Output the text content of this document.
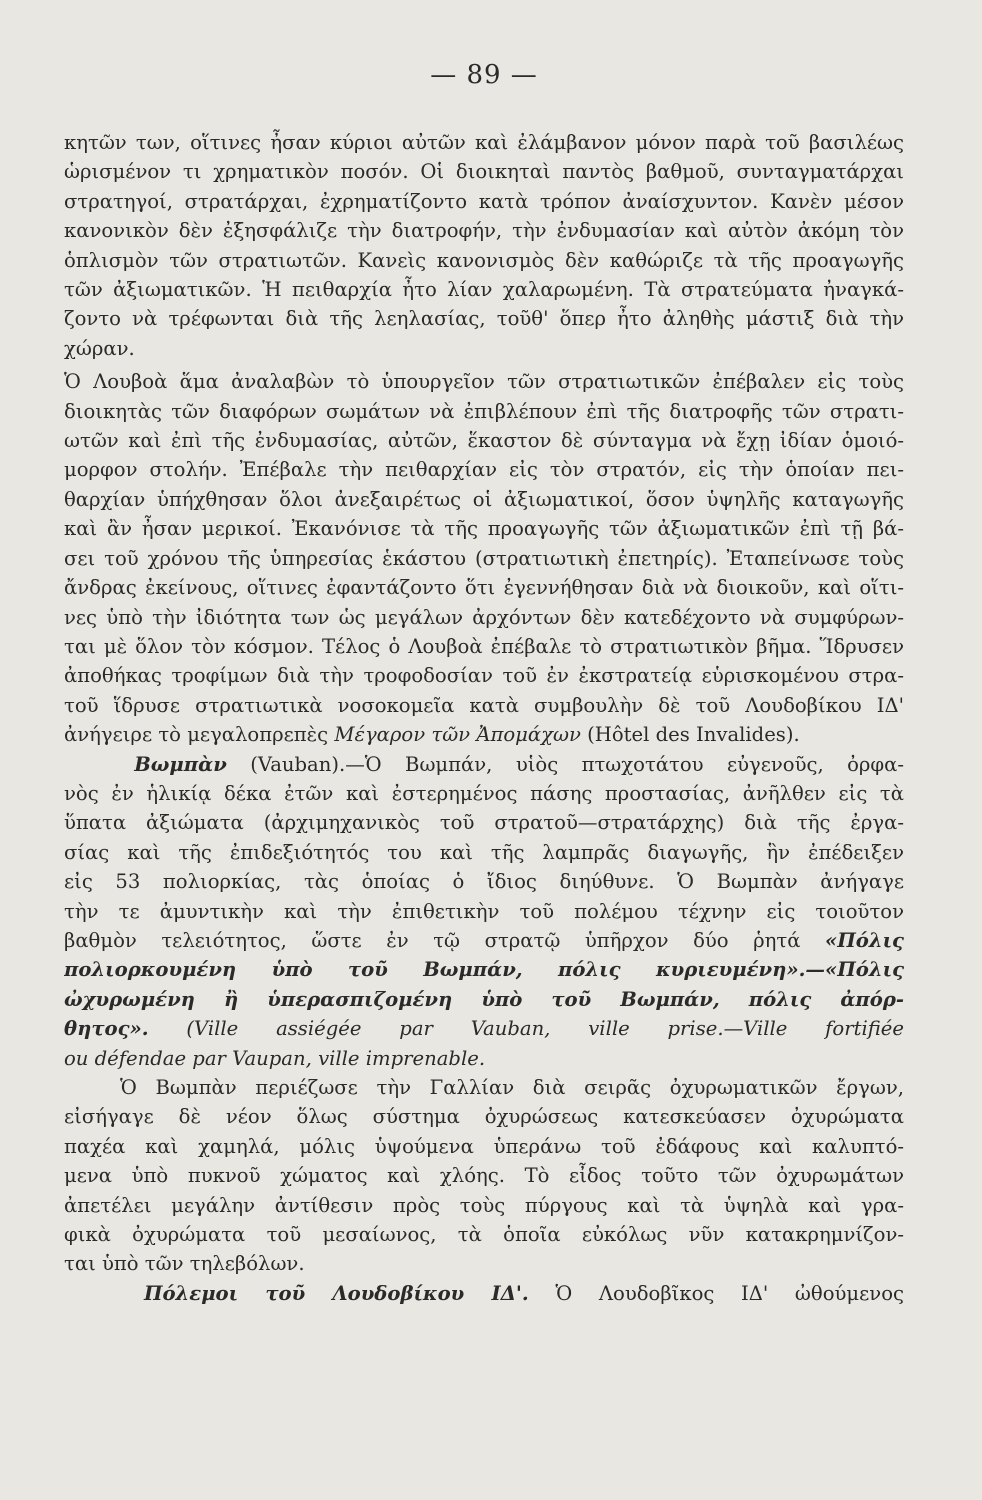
— 89 —
κητῶν των, οἵτινες ἦσαν κύριοι αὐτῶν καὶ ἐλάμβανον μόνον παρὰ τοῦ βασιλέως
ὡρισμένον τι χρηματικὸν ποσόν. Οἱ διοικηταὶ παντὸς βαθμοῦ, συνταγματάρχαι
στρατηγοί, στρατάρχαι, ἐχρηματίζοντο κατὰ τρόπον ἀναίσχυντον. Κανὲν μέσον
κανονικὸν δὲν ἐξησφάλιζε τὴν διατροφήν, τὴν ἐνδυμασίαν καὶ αὐτὸν ἀκόμη τὸν
ὁπλισμὸν τῶν στρατιωτῶν. Κανεὶς κανονισμὸς δὲν καθώριζε τὰ τῆς προαγωγῆς
τῶν ἀξιωματικῶν. Ἡ πειθαρχία ἦτο λίαν χαλαρωμένη. Τὰ στρατεύματα ἠναγκά-
ζοντο νὰ τρέφωνται διὰ τῆς λεηλασίας, τοῦθ' ὅπερ ἦτο ἀληθὴς μάστιξ διὰ τὴν
χώραν.
Ὁ Λουβοὰ ἅμα ἀναλαβὼν τὸ ὑπουργεῖον τῶν στρατιωτικῶν ἐπέβαλεν εἰς τοὺς
διοικητὰς τῶν διαφόρων σωμάτων νὰ ἐπιβλέπουν ἐπὶ τῆς διατροφῆς τῶν στρατι-
ωτῶν καὶ ἐπὶ τῆς ἐνδυμασίας, αὐτῶν, ἕκαστον δὲ σύνταγμα νὰ ἔχῃ ἰδίαν ὁμοιό-
μορφον στολήν. Ἐπέβαλε τὴν πειθαρχίαν εἰς τὸν στρατόν, εἰς τὴν ὁποίαν πει-
θαρχίαν ὑπήχθησαν ὅλοι ἀνεξαιρέτως οἱ ἀξιωματικοί, ὅσον ὑψηλῆς καταγωγῆς
καὶ ἂν ἦσαν μερικοί. Ἐκανόνισε τὰ τῆς προαγωγῆς τῶν ἀξιωματικῶν ἐπὶ τῇ βά-
σει τοῦ χρόνου τῆς ὑπηρεσίας ἑκάστου (στρατιωτικὴ ἐπετηρίς). Ἐταπείνωσε τοὺς
ἄνδρας ἐκείνους, οἵτινες ἐφαντάζοντο ὅτι ἐγεννήθησαν διὰ νὰ διοικοῦν, καὶ οἵτι-
νες ὑπὸ τὴν ἰδιότητα των ὡς μεγάλων ἀρχόντων δὲν κατεδέχοντο νὰ συμφύρων-
ται μὲ ὅλον τὸν κόσμον. Τέλος ὁ Λουβοὰ ἐπέβαλε τὸ στρατιωτικὸν βῆμα. Ἵδρυσεν
ἀποθήκας τροφίμων διὰ τὴν τροφοδοσίαν τοῦ ἐν ἐκστρατείᾳ εὑρισκομένου στρα-
τοῦ ἵδρυσε στρατιωτικὰ νοσοκομεῖα κατὰ συμβουλὴν δὲ τοῦ Λουδοβίκου ΙΔ'
ἀνήγειρε τὸ μεγαλοπρεπὲς Μέγαρον τῶν Ἀπομάχων (Hôtel des Invalides).
Βωμπὰν (Vauban).—Ὁ Βωμπάν, υἱὸς πτωχοτάτου εὐγενοῦς, ὀρφα-
νὸς ἐν ἡλικίᾳ δέκα ἐτῶν καὶ ἐστερημένος πάσης προστασίας, ἀνῆλθεν εἰς τὰ
ὕπατα ἀξιώματα (ἀρχιμηχανικὸς τοῦ στρατοῦ—στρατάρχης) διὰ τῆς ἐργα-
σίας καὶ τῆς ἐπιδεξιότητός του καὶ τῆς λαμπρᾶς διαγωγῆς, ἣν ἐπέδειξεν
εἰς 53 πολιορκίας, τὰς ὁποίας ὁ ἴδιος διηύθυνε. Ὁ Βωμπὰν ἀνήγαγε
τὴν τε ἀμυντικὴν καὶ τὴν ἐπιθετικὴν τοῦ πολέμου τέχνην εἰς τοιοῦτον
βαθμὸν τελειότητος, ὥστε ἐν τῷ στρατῷ ὑπῆρχον δύο ῥητά «Πόλις
πολιορκουμένη ὑπὸ τοῦ Βωμπάν, πόλις κυριευμένη».—«Πόλις
ὠχυρωμένη ἢ ὑπερασπιζομένη ὑπὸ τοῦ Βωμπάν, πόλις ἀπόρ-
θητος». (Ville assiégée par Vauban, ville prise.—Ville fortifiée
ou défendae par Vaupan, ville imprenable.
Ὁ Βωμπὰν περιέζωσε τὴν Γαλλίαν διὰ σειρᾶς ὀχυρωματικῶν ἔργων,
εἰσήγαγε δὲ νέον ὅλως σύστημα ὀχυρώσεως κατεσκεύασεν ὀχυρώματα
παχέα καὶ χαμηλά, μόλις ὑψούμενα ὑπεράνω τοῦ ἐδάφους καὶ καλυπτό-
μενα ὑπὸ πυκνοῦ χώματος καὶ χλόης. Τὸ εἶδος τοῦτο τῶν ὀχυρωμάτων
ἀπετέλει μεγάλην ἀντίθεσιν πρὸς τοὺς πύργους καὶ τὰ ὑψηλὰ καὶ γρα-
φικὰ ὀχυρώματα τοῦ μεσαίωνος, τὰ ὁποῖα εὐκόλως νῦν κατακρημνίζον-
ται ὑπὸ τῶν τηλεβόλων.
Πόλεμοι τοῦ Λουδοβίκου ΙΔ'. Ὁ Λουδοβῖκος ΙΔ' ὠθούμενος
